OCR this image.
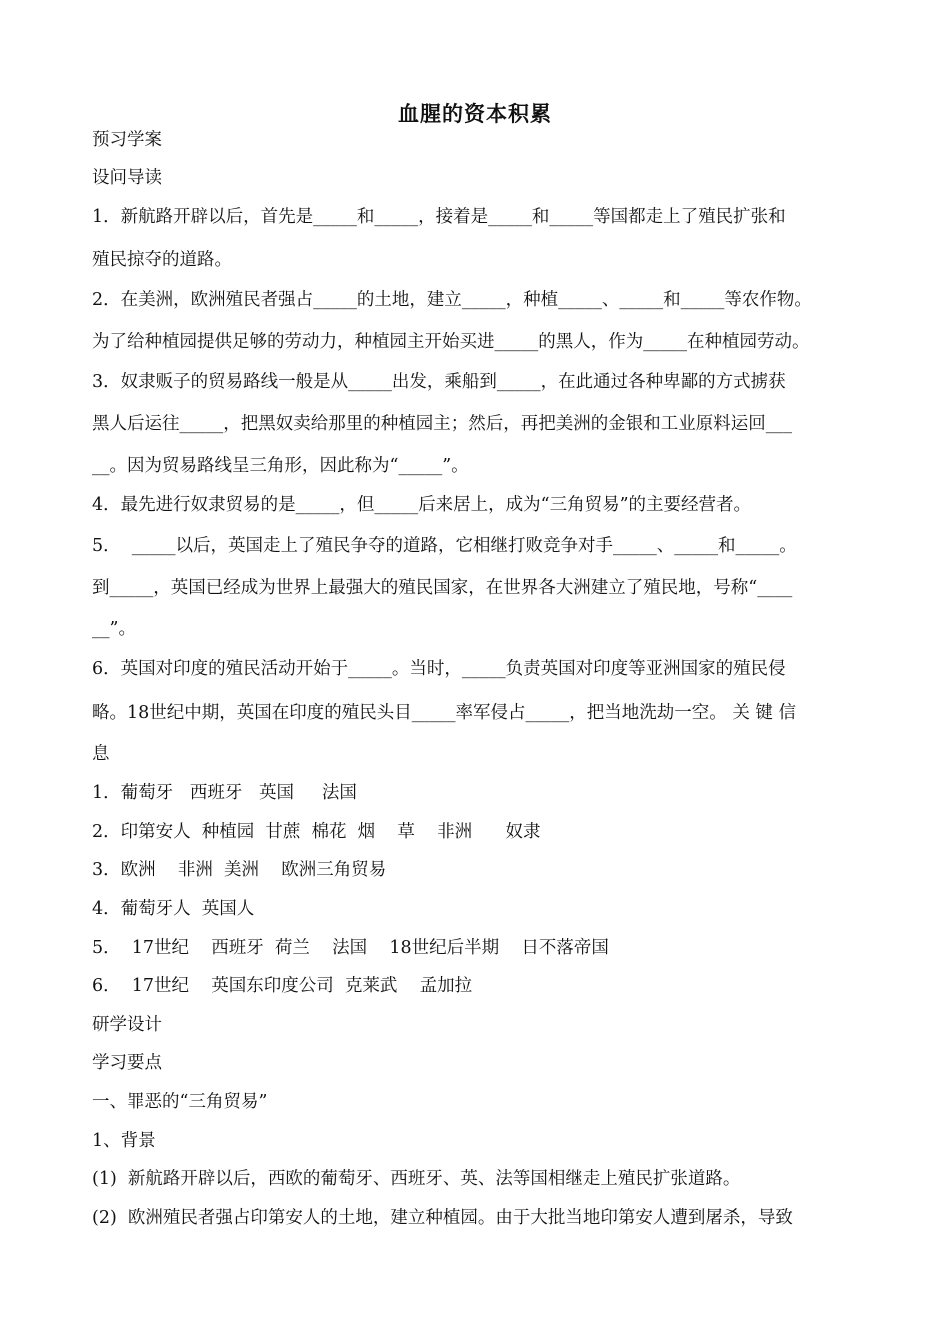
血腥的资本积累
预习学案
设问导读
1．新航路开辟以后，首先是_____和_____，接着是_____和_____等国都走上了殖民扩张和
殖民掠夺的道路。
2．在美洲，欧洲殖民者强占_____的土地，建立_____，种植_____、_____和_____等农作物。
为了给种植园提供足够的劳动力，种植园主开始买进_____的黑人，作为_____在种植园劳动。
3．奴隶贩子的贸易路线一般是从_____出发，乘船到_____，在此通过各种卑鄙的方式掳获
黑人后运往_____，把黑奴卖给那里的种植园主；然后，再把美洲的金银和工业原料运回___
__。因为贸易路线呈三角形，因此称为“_____”。
4．最先进行奴隶贸易的是_____，但_____后来居上，成为“三角贸易”的主要经营者。
5．  _____以后，英国走上了殖民争夺的道路，它相继打败竞争对手_____、_____和_____。
到_____，英国已经成为世界上最强大的殖民国家，在世界各大洲建立了殖民地，号称“____
__”。
6．英国对印度的殖民活动开始于_____。当时，_____负责英国对印度等亚洲国家的殖民侵
略。18世纪中期，英国在印度的殖民头目_____率军侵占_____，把当地洗劫一空。 关 键 信
息
1．葡萄牙   西班牙   英国     法国
2．印第安人  种植园  甘蔗  棉花  烟    草    非洲      奴隶
3．欧洲    非洲  美洲    欧洲三角贸易
4．葡萄牙人  英国人
5．  17世纪    西班牙  荷兰    法国    18世纪后半期    日不落帝国
6．  17世纪    英国东印度公司  克莱武    孟加拉
研学设计
学习要点
一、罪恶的“三角贸易”
1、背景
(1)  新航路开辟以后，西欧的葡萄牙、西班牙、英、法等国相继走上殖民扩张道路。
(2)  欧洲殖民者强占印第安人的土地，建立种植园。由于大批当地印第安人遭到屠杀，导致
